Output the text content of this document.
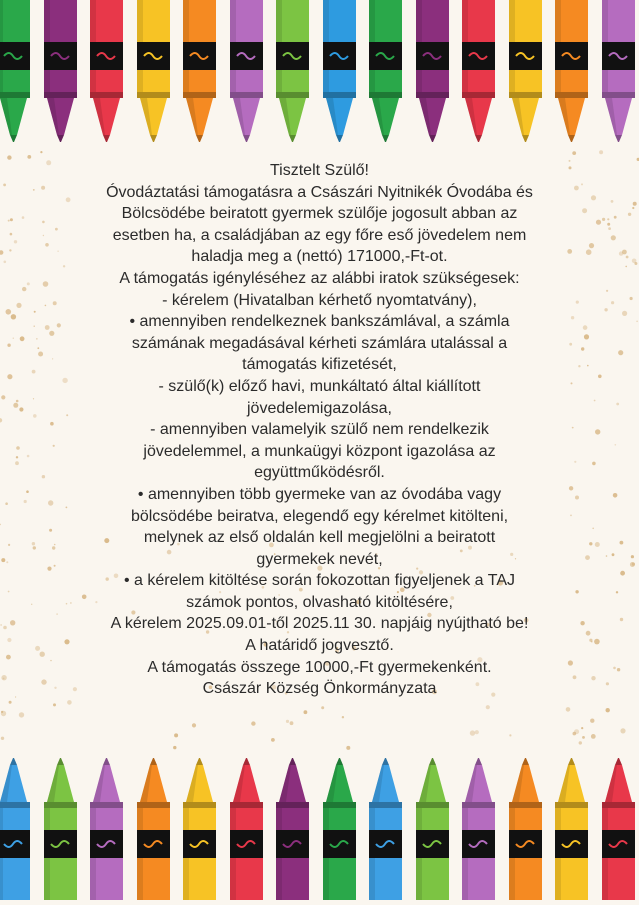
Tisztelt Szülő!

Óvodáztatási támogatásra a Császári Nyitnikék Óvodába és
Bölcsödébe beiratott gyermek szülője jogosult abban az
esetben ha, a családjában az egy főre eső jövedelem nem
haladja meg a (nettó) 171000,-Ft-ot.

A támogatás igényléséhez az alábbi iratok szükségesek:

- kérelem (Hivatalban kérhető nyomtatvány),

• amennyiben rendelkeznek bankszámlával, a számla
számának megadásával kérheti számlára utalással a
támogatás kifizetését,

- szülő(k) előző havi, munkáltató által kiállított
jövedelemigazolása,

- amennyiben valamelyik szülő nem rendelkezik
jövedelemmel, a munkaügyi központ igazolása az
együttműködésről.

• amennyiben több gyermeke van az óvodába vagy
bölcsödébe beiratva, elegendő egy kérelmet kitölteni,
melynek az első oldalán kell megjelölni a beiratott
gyermekek nevét,

• a kérelem kitöltése során fokozottan figyeljenek a TAJ
számok pontos, olvasható kitöltésére,

A kérelem 2025.09.01-től 2025.11 30. napjáig nyújtható be!

A határidő jogvesztő.

A támogatás összege 10000,-Ft gyermekenként.

Császár Község Önkormányzata
